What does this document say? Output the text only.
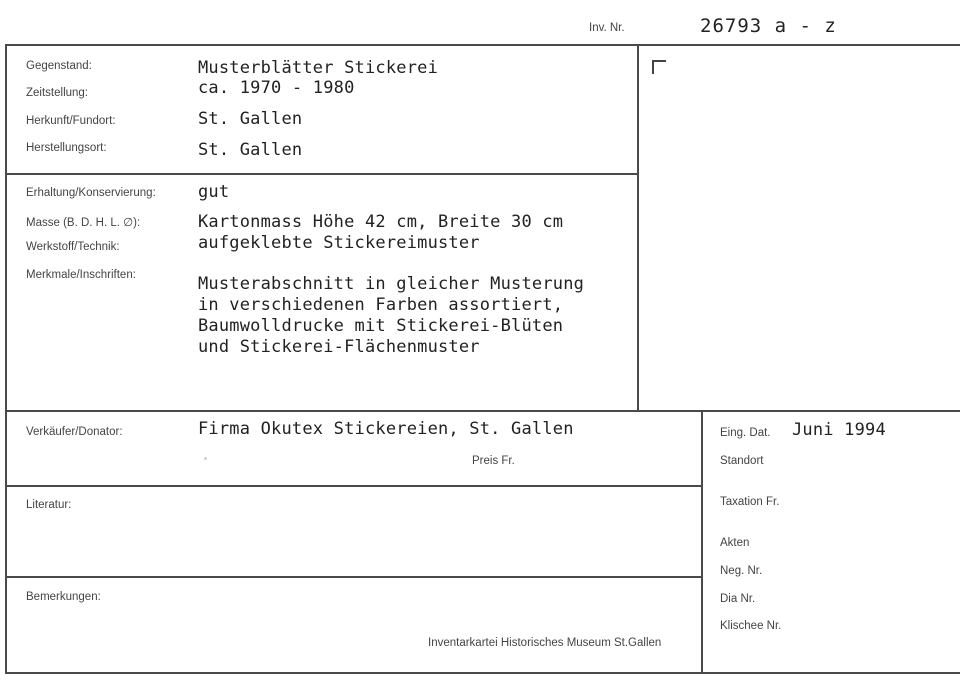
Inv. Nr.	26793 a - z
Gegenstand:	Musterblätter Stickerei
Zeitstellung:	ca. 1970 - 1980
Herkunft/Fundort:	St. Gallen
Herstellungsort:	St. Gallen
Erhaltung/Konservierung: gut
Masse (B. D. H. L. ∅):	Kartonmass Höhe 42 cm, Breite 30 cm
Werkstoff/Technik:	aufgeklebte Stickereimuster
Merkmale/Inschriften:	Musterabschnitt in gleicher Musterung
in verschiedenen Farben assortiert,
Baumwolldrucke mit Stickerei-Blüten
und Stickerei-Flächenmuster
Verkäufer/Donator:	Firma Okutex Stickereien, St. Gallen
Preis Fr.
Literatur:
Bemerkungen:
Inventarkartei Historisches Museum St.Gallen
Eing. Dat. Juni 1994
Standort
Taxation Fr.
Akten
Neg. Nr.
Dia Nr.
Klischee Nr.
